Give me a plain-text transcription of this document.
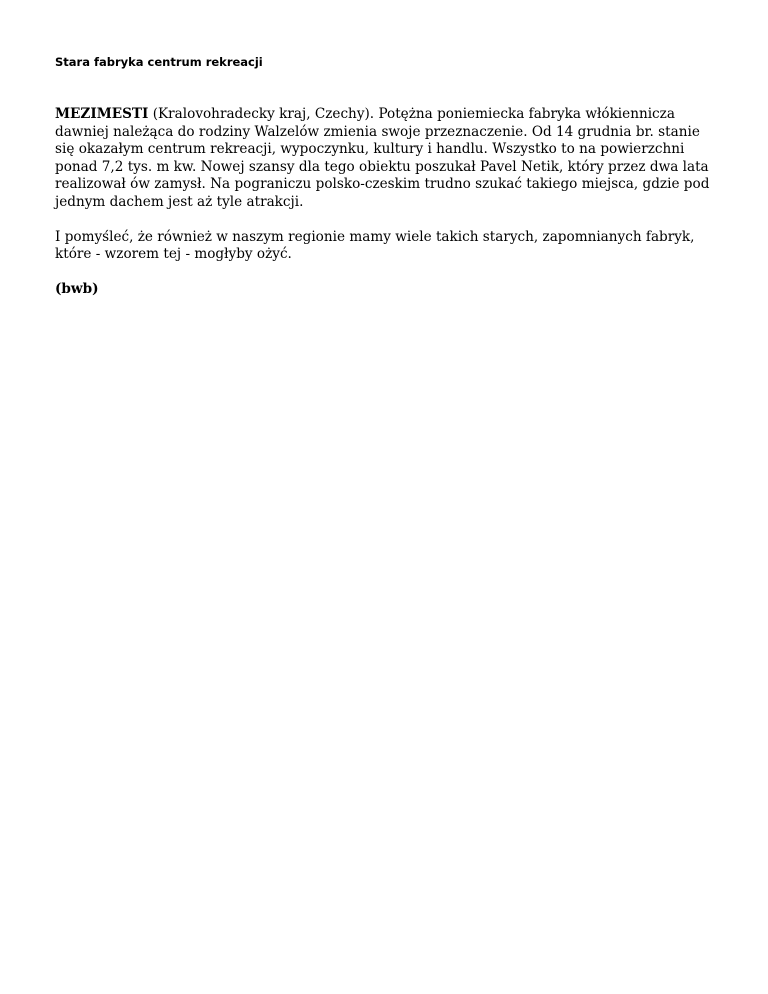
Stara fabryka centrum rekreacji

MEZIMESTI (Kralovohradecky kraj, Czechy). Potężna poniemiecka fabryka włókiennicza dawniej należąca do rodziny Walzelów zmienia swoje przeznaczenie. Od 14 grudnia br. stanie się okazałym centrum rekreacji, wypoczynku, kultury i handlu. Wszystko to na powierzchni ponad 7,2 tys. m kw. Nowej szansy dla tego obiektu poszukał Pavel Netik, który przez dwa lata realizował ów zamysł. Na pograniczu polsko-czeskim trudno szukać takiego miejsca, gdzie pod jednym dachem jest aż tyle atrakcji.

I pomyśleć, że również w naszym regionie mamy wiele takich starych, zapomnianych fabryk, które - wzorem tej - mogłyby ożyć.

(bwb)
